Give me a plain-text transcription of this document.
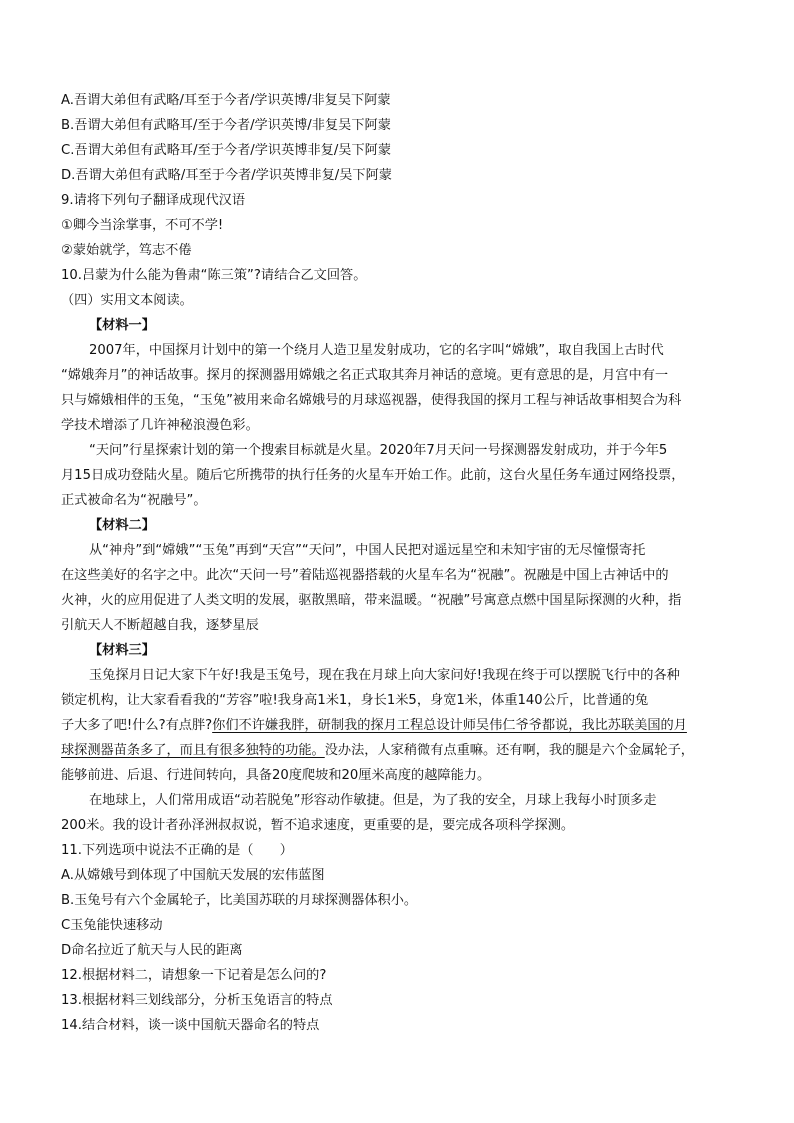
A.吾谓大弟但有武略/耳至于今者/学识英博/非复吴下阿蒙
B.吾谓大弟但有武略耳/至于今者/学识英博/非复吴下阿蒙
C.吾谓大弟但有武略耳/至于今者/学识英博非复/吴下阿蒙
D.吾谓大弟但有武略/耳至于今者/学识英博非复/吴下阿蒙
9.请将下列句子翻译成现代汉语
①卿今当涂掌事，不可不学!
②蒙始就学，笃志不倦
10.吕蒙为什么能为鲁肃“陈三策”?请结合乙文回答。
（四）实用文本阅读。
【材料一】
2007年，中国探月计划中的第一个绕月人造卫星发射成功，它的名字叫“嫦娥”，取自我国上古时代
“嫦娥奔月”的神话故事。探月的探测器用嫦娥之名正式取其奔月神话的意境。更有意思的是，月宫中有一
只与嫦娥相伴的玉兔，“玉兔”被用来命名嫦娥号的月球巡视器，使得我国的探月工程与神话故事相契合为科
学技术增添了几许神秘浪漫色彩。
“天问”行星探索计划的第一个搜索目标就是火星。2020年7月天问一号探测器发射成功，并于今年5
月15日成功登陆火星。随后它所携带的执行任务的火星车开始工作。此前，这台火星任务车通过网络投票，
正式被命名为“祝融号”。
【材料二】
从“神舟”到“嫦娥”“玉兔”再到“天宫”“天问”，中国人民把对遥远星空和未知宇宙的无尽憧憬寄托
在这些美好的名字之中。此次“天问一号”着陆巡视器搭载的火星车名为“祝融”。祝融是中国上古神话中的
火神，火的应用促进了人类文明的发展，驱散黑暗，带来温暖。“祝融”号寓意点燃中国星际探测的火种，指
引航天人不断超越自我，逐梦星辰
【材料三】
玉兔探月日记大家下午好!我是玉兔号，现在我在月球上向大家问好!我现在终于可以摆脱飞行中的各种
锁定机构，让大家看看我的“芳容”啦!我身高1米1，身长1米5，身宽1米，体重140公斤，比普通的兔
子大多了吧!什么?有点胖?你们不许嫌我胖，研制我的探月工程总设计师吴伟仁爷爷都说，我比苏联美国的月
球探测器苗条多了，而且有很多独特的功能。没办法，人家稍微有点重嘛。还有啊，我的腿是六个金属轮子，
能够前进、后退、行进间转向，具备20度爬坡和20厘米高度的越障能力。
在地球上，人们常用成语“动若脱兔”形容动作敏捷。但是，为了我的安全，月球上我每小时顶多走
200米。我的设计者孙泽洲叔叔说，暂不追求速度，更重要的是，要完成各项科学探测。
11.下列选项中说法不正确的是（　　）
A.从嫦娥号到体现了中国航天发展的宏伟蓝图
B.玉兔号有六个金属轮子，比美国苏联的月球探测器体积小。
C玉兔能快速移动
D命名拉近了航天与人民的距离
12.根据材料二，请想象一下记着是怎么问的?
13.根据材料三划线部分，分析玉兔语言的特点
14.结合材料，谈一谈中国航天器命名的特点
